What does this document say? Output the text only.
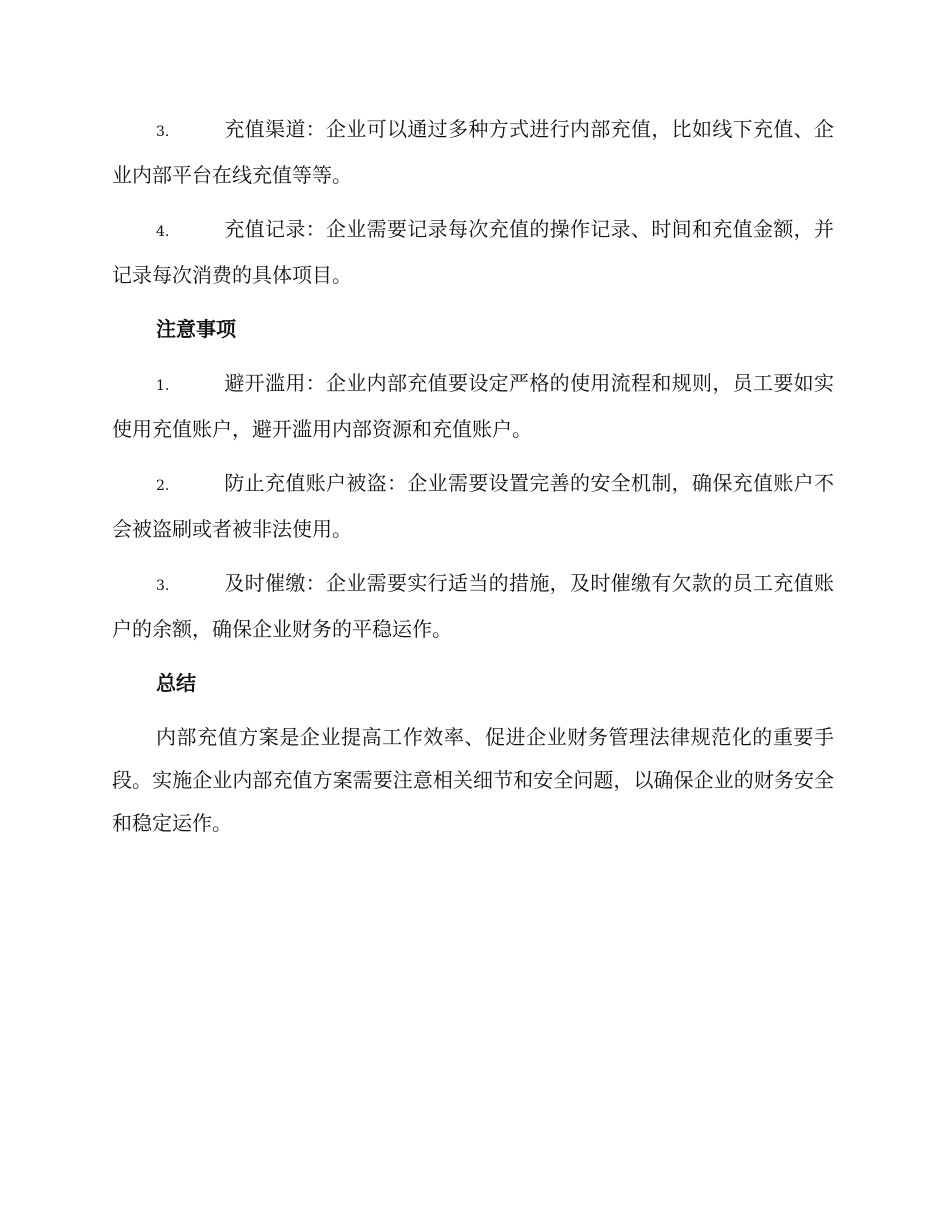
3.	充值渠道：企业可以通过多种方式进行内部充值，比如线下充值、企业内部平台在线充值等等。

4.	充值记录：企业需要记录每次充值的操作记录、时间和充值金额，并记录每次消费的具体项目。

注意事项

1.	避开滥用：企业内部充值要设定严格的使用流程和规则，员工要如实使用充值账户，避开滥用内部资源和充值账户。

2.	防止充值账户被盗：企业需要设置完善的安全机制，确保充值账户不会被盗刷或者被非法使用。

3.	及时催缴：企业需要实行适当的措施，及时催缴有欠款的员工充值账户的余额，确保企业财务的平稳运作。

总结

内部充值方案是企业提高工作效率、促进企业财务管理法律规范化的重要手段。实施企业内部充值方案需要注意相关细节和安全问题，以确保企业的财务安全和稳定运作。
